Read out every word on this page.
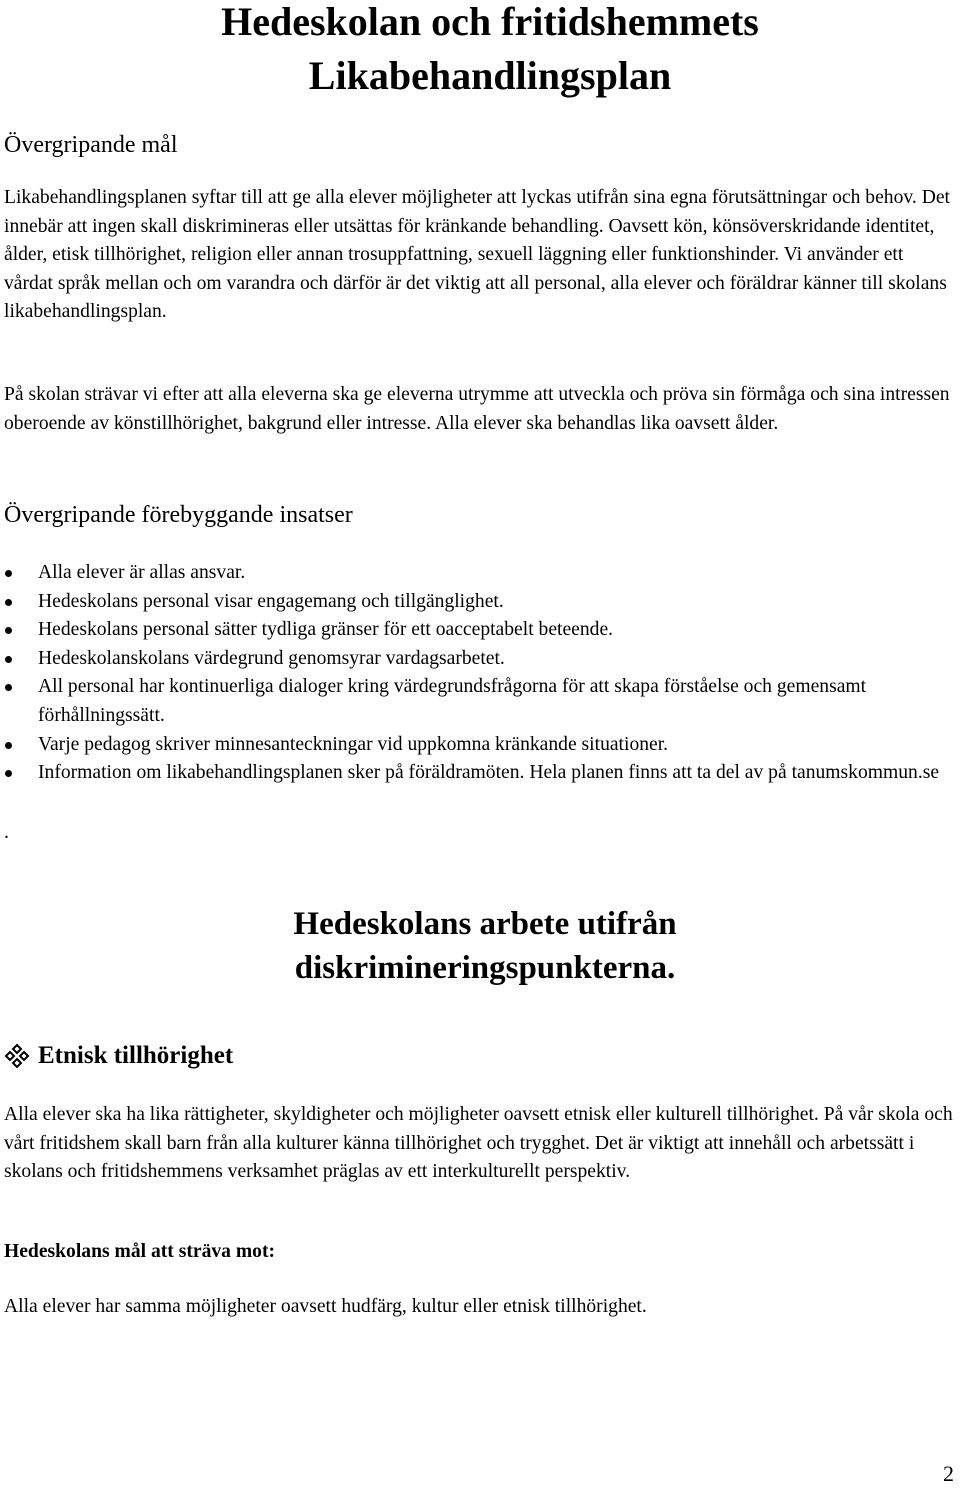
Hedeskolan och fritidshemmets
Likabehandlingsplan
Övergripande mål

Likabehandlingsplanen syftar till att ge alla elever möjligheter att lyckas utifrån sina egna förutsättningar och behov. Det innebär att ingen skall diskrimineras eller utsättas för kränkande behandling. Oavsett kön, könsöverskridande identitet, ålder, etisk tillhörighet, religion eller annan trosuppfattning, sexuell läggning eller funktionshinder. Vi använder ett vårdat språk mellan och om varandra och därför är det viktig att all personal, alla elever och föräldrar känner till skolans likabehandlingsplan.

På skolan strävar vi efter att alla eleverna ska ge eleverna utrymme att utveckla och pröva sin förmåga och sina intressen oberoende av könstillhörighet, bakgrund eller intresse. Alla elever ska behandlas lika oavsett ålder.

Övergripande förebyggande insatser
Alla elever är allas ansvar.
Hedeskolans personal visar engagemang och tillgänglighet.
Hedeskolans personal sätter tydliga gränser för ett oacceptabelt beteende.
Hedeskolanskolans värdegrund genomsyrar vardagsarbetet.
All personal har kontinuerliga dialoger kring värdegrundsfrågorna för att skapa förståelse och gemensamt förhållningssätt.
Varje pedagog skriver minnesanteckningar vid uppkomna kränkande situationer.
Information om likabehandlingsplanen sker på föräldramöten. Hela planen finns att ta del av på tanumskommun.se
.
Hedeskolans arbete utifrån
diskrimineringspunkterna.
Etnisk tillhörighet

Alla elever ska ha lika rättigheter, skyldigheter och möjligheter oavsett etnisk eller kulturell tillhörighet. På vår skola och vårt fritidshem skall barn från alla kulturer känna tillhörighet och trygghet. Det är viktigt att innehåll och arbetssätt i skolans och fritidshemmens verksamhet präglas av ett interkulturellt perspektiv.

Hedeskolans mål att sträva mot:

Alla elever har samma möjligheter oavsett hudfärg, kultur eller etnisk tillhörighet.

2
